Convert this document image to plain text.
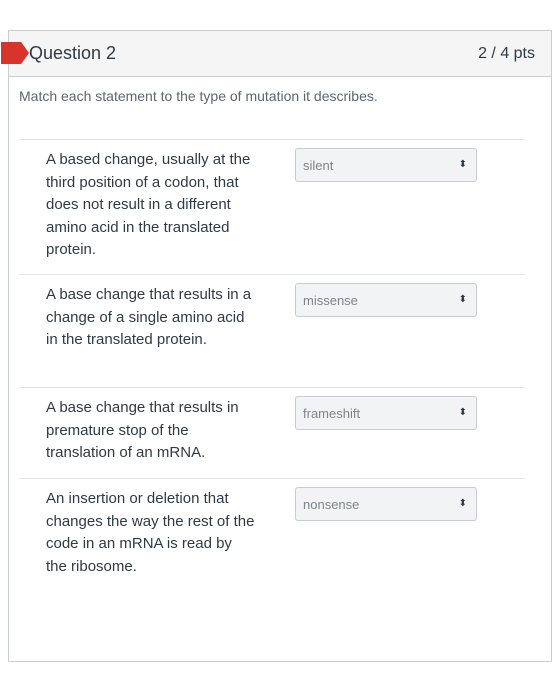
Question 2	2 / 4 pts
Match each statement to the type of mutation it describes.
A based change, usually at the third position of a codon, that does not result in a different amino acid in the translated protein.
silent	⬍
A base change that results in a change of a single amino acid in the translated protein.
missense	⬍
A base change that results in premature stop of the translation of an mRNA.
frameshift	⬍
An insertion or deletion that changes the way the rest of the code in an mRNA is read by the ribosome.
nonsense	⬍
